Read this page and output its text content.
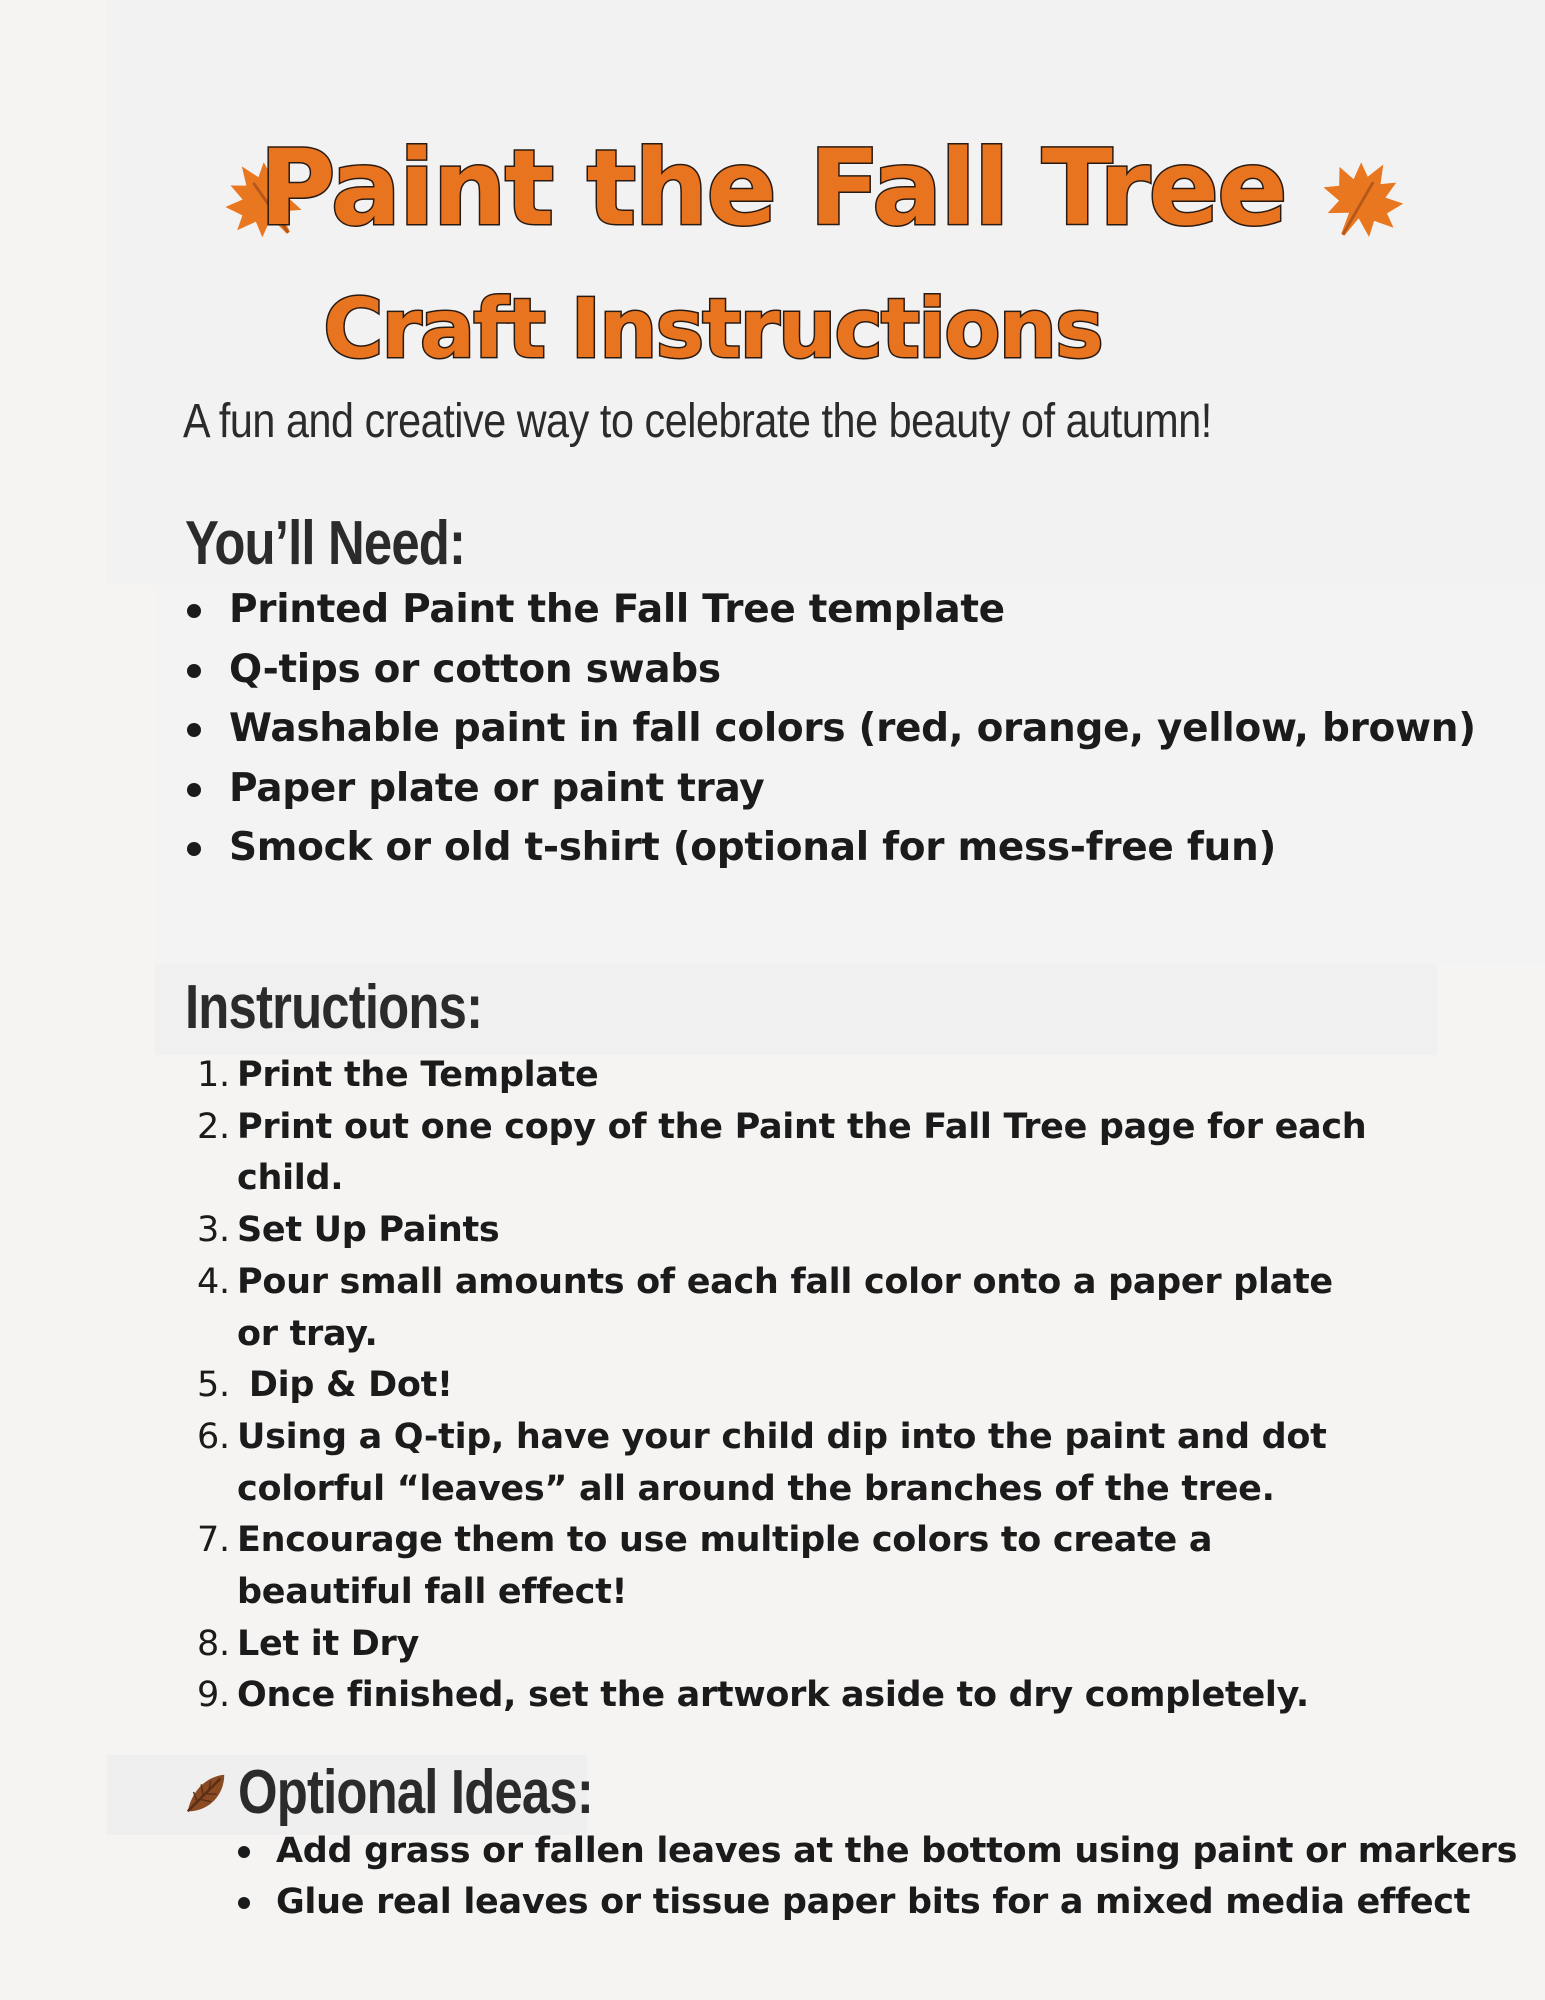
Paint the Fall Tree
Craft Instructions
A fun and creative way to celebrate the beauty of autumn!
You’ll Need:
Printed Paint the Fall Tree template
Q-tips or cotton swabs
Washable paint in fall colors (red, orange, yellow, brown)
Paper plate or paint tray
Smock or old t-shirt (optional for mess-free fun)
Instructions:
1. Print the Template
2. Print out one copy of the Paint the Fall Tree page for each child.
3. Set Up Paints
4. Pour small amounts of each fall color onto a paper plate or tray.
5. Dip & Dot!
6. Using a Q-tip, have your child dip into the paint and dot colorful “leaves” all around the branches of the tree.
7. Encourage them to use multiple colors to create a beautiful fall effect!
8. Let it Dry
9. Once finished, set the artwork aside to dry completely.
Optional Ideas:
Add grass or fallen leaves at the bottom using paint or markers
Glue real leaves or tissue paper bits for a mixed media effect
